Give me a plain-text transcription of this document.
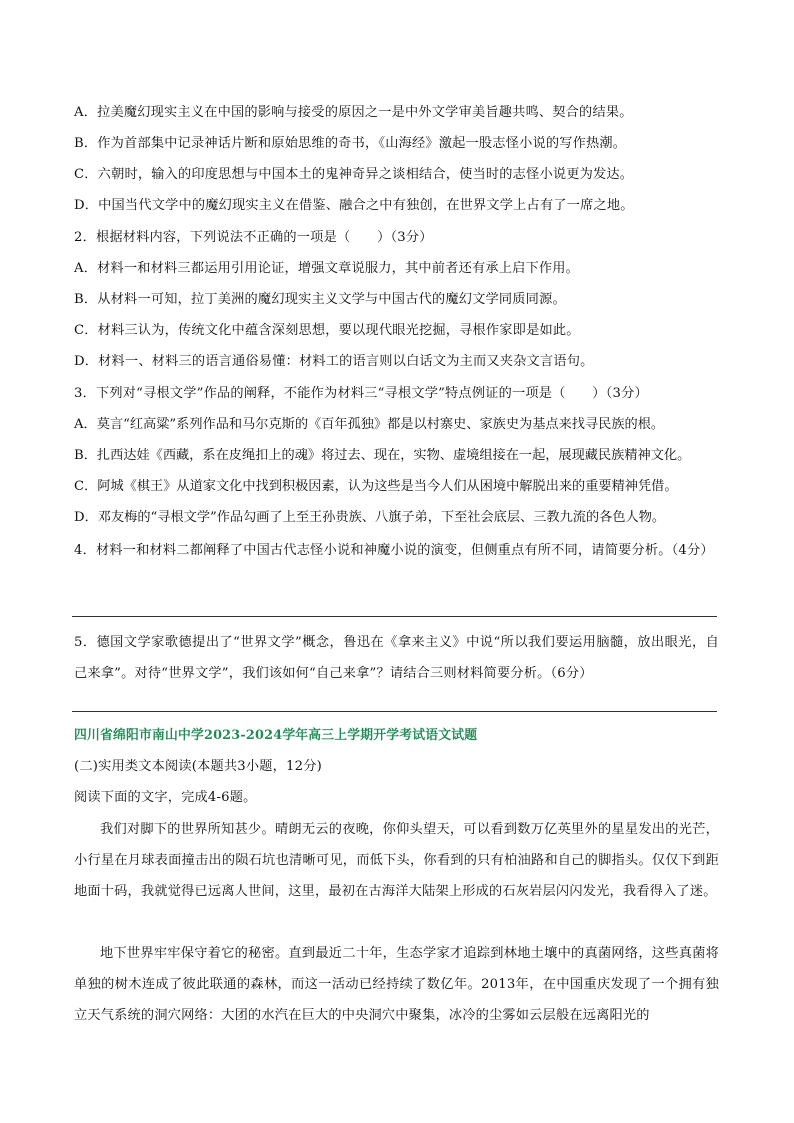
A．拉美魔幻现实主义在中国的影响与接受的原因之一是中外文学审美旨趣共鸣、契合的结果。
B．作为首部集中记录神话片断和原始思维的奇书，《山海经》激起一股志怪小说的写作热潮。
C．六朝时，输入的印度思想与中国本土的鬼神奇异之谈相结合，使当时的志怪小说更为发达。
D．中国当代文学中的魔幻现实主义在借鉴、融合之中有独创，在世界文学上占有了一席之地。
2．根据材料内容，下列说法不正确的一项是（　　）（3分）
A．材料一和材料三都运用引用论证，增强文章说服力，其中前者还有承上启下作用。
B．从材料一可知，拉丁美洲的魔幻现实主义文学与中国古代的魔幻文学同质同源。
C．材料三认为，传统文化中蕴含深刻思想，要以现代眼光挖掘，寻根作家即是如此。
D．材料一、材料三的语言通俗易懂：材料工的语言则以白话文为主而又夹杂文言语句。
3．下列对“寻根文学”作品的阐释，不能作为材料三“寻根文学”特点例证的一项是（　　）（3分）
A．莫言“红高粱”系列作品和马尔克斯的《百年孤独》都是以村寨史、家族史为基点来找寻民族的根。
B．扎西达娃《西藏，系在皮绳扣上的魂》将过去、现在，实物、虚境组接在一起，展现藏民族精神文化。
C．阿城《棋王》从道家文化中找到积极因素，认为这些是当今人们从困境中解脱出来的重要精神凭借。
D．邓友梅的“寻根文学”作品勾画了上至王孙贵族、八旗子弟，下至社会底层、三教九流的各色人物。
4．材料一和材料二都阐释了中国古代志怪小说和神魔小说的演变，但侧重点有所不同，请简要分析。（4分）
5．德国文学家歌德提出了“世界文学”概念，鲁迅在《拿来主义》中说“所以我们要运用脑髓，放出眼光，自己来拿”。对待“世界文学”，我们该如何“自己来拿”？请结合三则材料简要分析。（6分）
四川省绵阳市南山中学2023-2024学年高三上学期开学考试语文试题
(二)实用类文本阅读(本题共3小题，12分)
阅读下面的文字，完成4-6题。
我们对脚下的世界所知甚少。晴朗无云的夜晚，你仰头望天，可以看到数万亿英里外的星星发出的光芒，小行星在月球表面撞击出的陨石坑也清晰可见，而低下头，你看到的只有柏油路和自己的脚指头。仅仅下到距地面十码，我就觉得已远离人世间，这里，最初在古海洋大陆架上形成的石灰岩层闪闪发光，我看得入了迷。
地下世界牢牢保守着它的秘密。直到最近二十年，生态学家才追踪到林地土壤中的真菌网络，这些真菌将单独的树木连成了彼此联通的森林，而这一活动已经持续了数亿年。2013年，在中国重庆发现了一个拥有独立天气系统的洞穴网络：大团的水汽在巨大的中央洞穴中聚集，冰冷的尘雾如云层般在远离阳光的
